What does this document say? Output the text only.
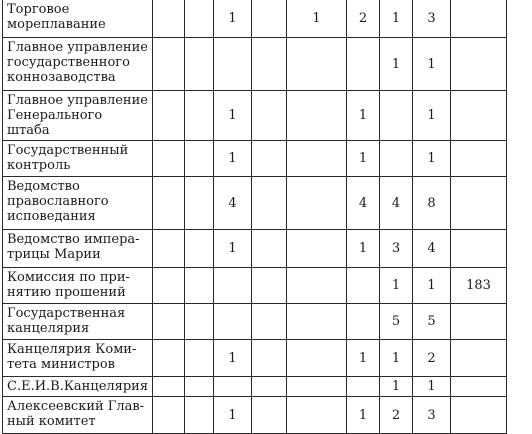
Торговое мореплавание			1		1	2	1	3	
Главное управление государственного коннозаводства							1	1	
Главное управление Генерального штаба			1			1		1	
Государственный контроль			1			1		1	
Ведомство православного исповедания			4			4	4	8	
Ведомство импера-трицы Марии			1			1	3	4	
Комиссия по при-нятию прошений							1	1	183
Государственная канцелярия							5	5	
Канцелярия Коми-тета министров			1			1	1	2	
С.Е.И.В.Канцелярия							1	1	
Алексеевский Глав-ный комитет			1			1	2	3	
